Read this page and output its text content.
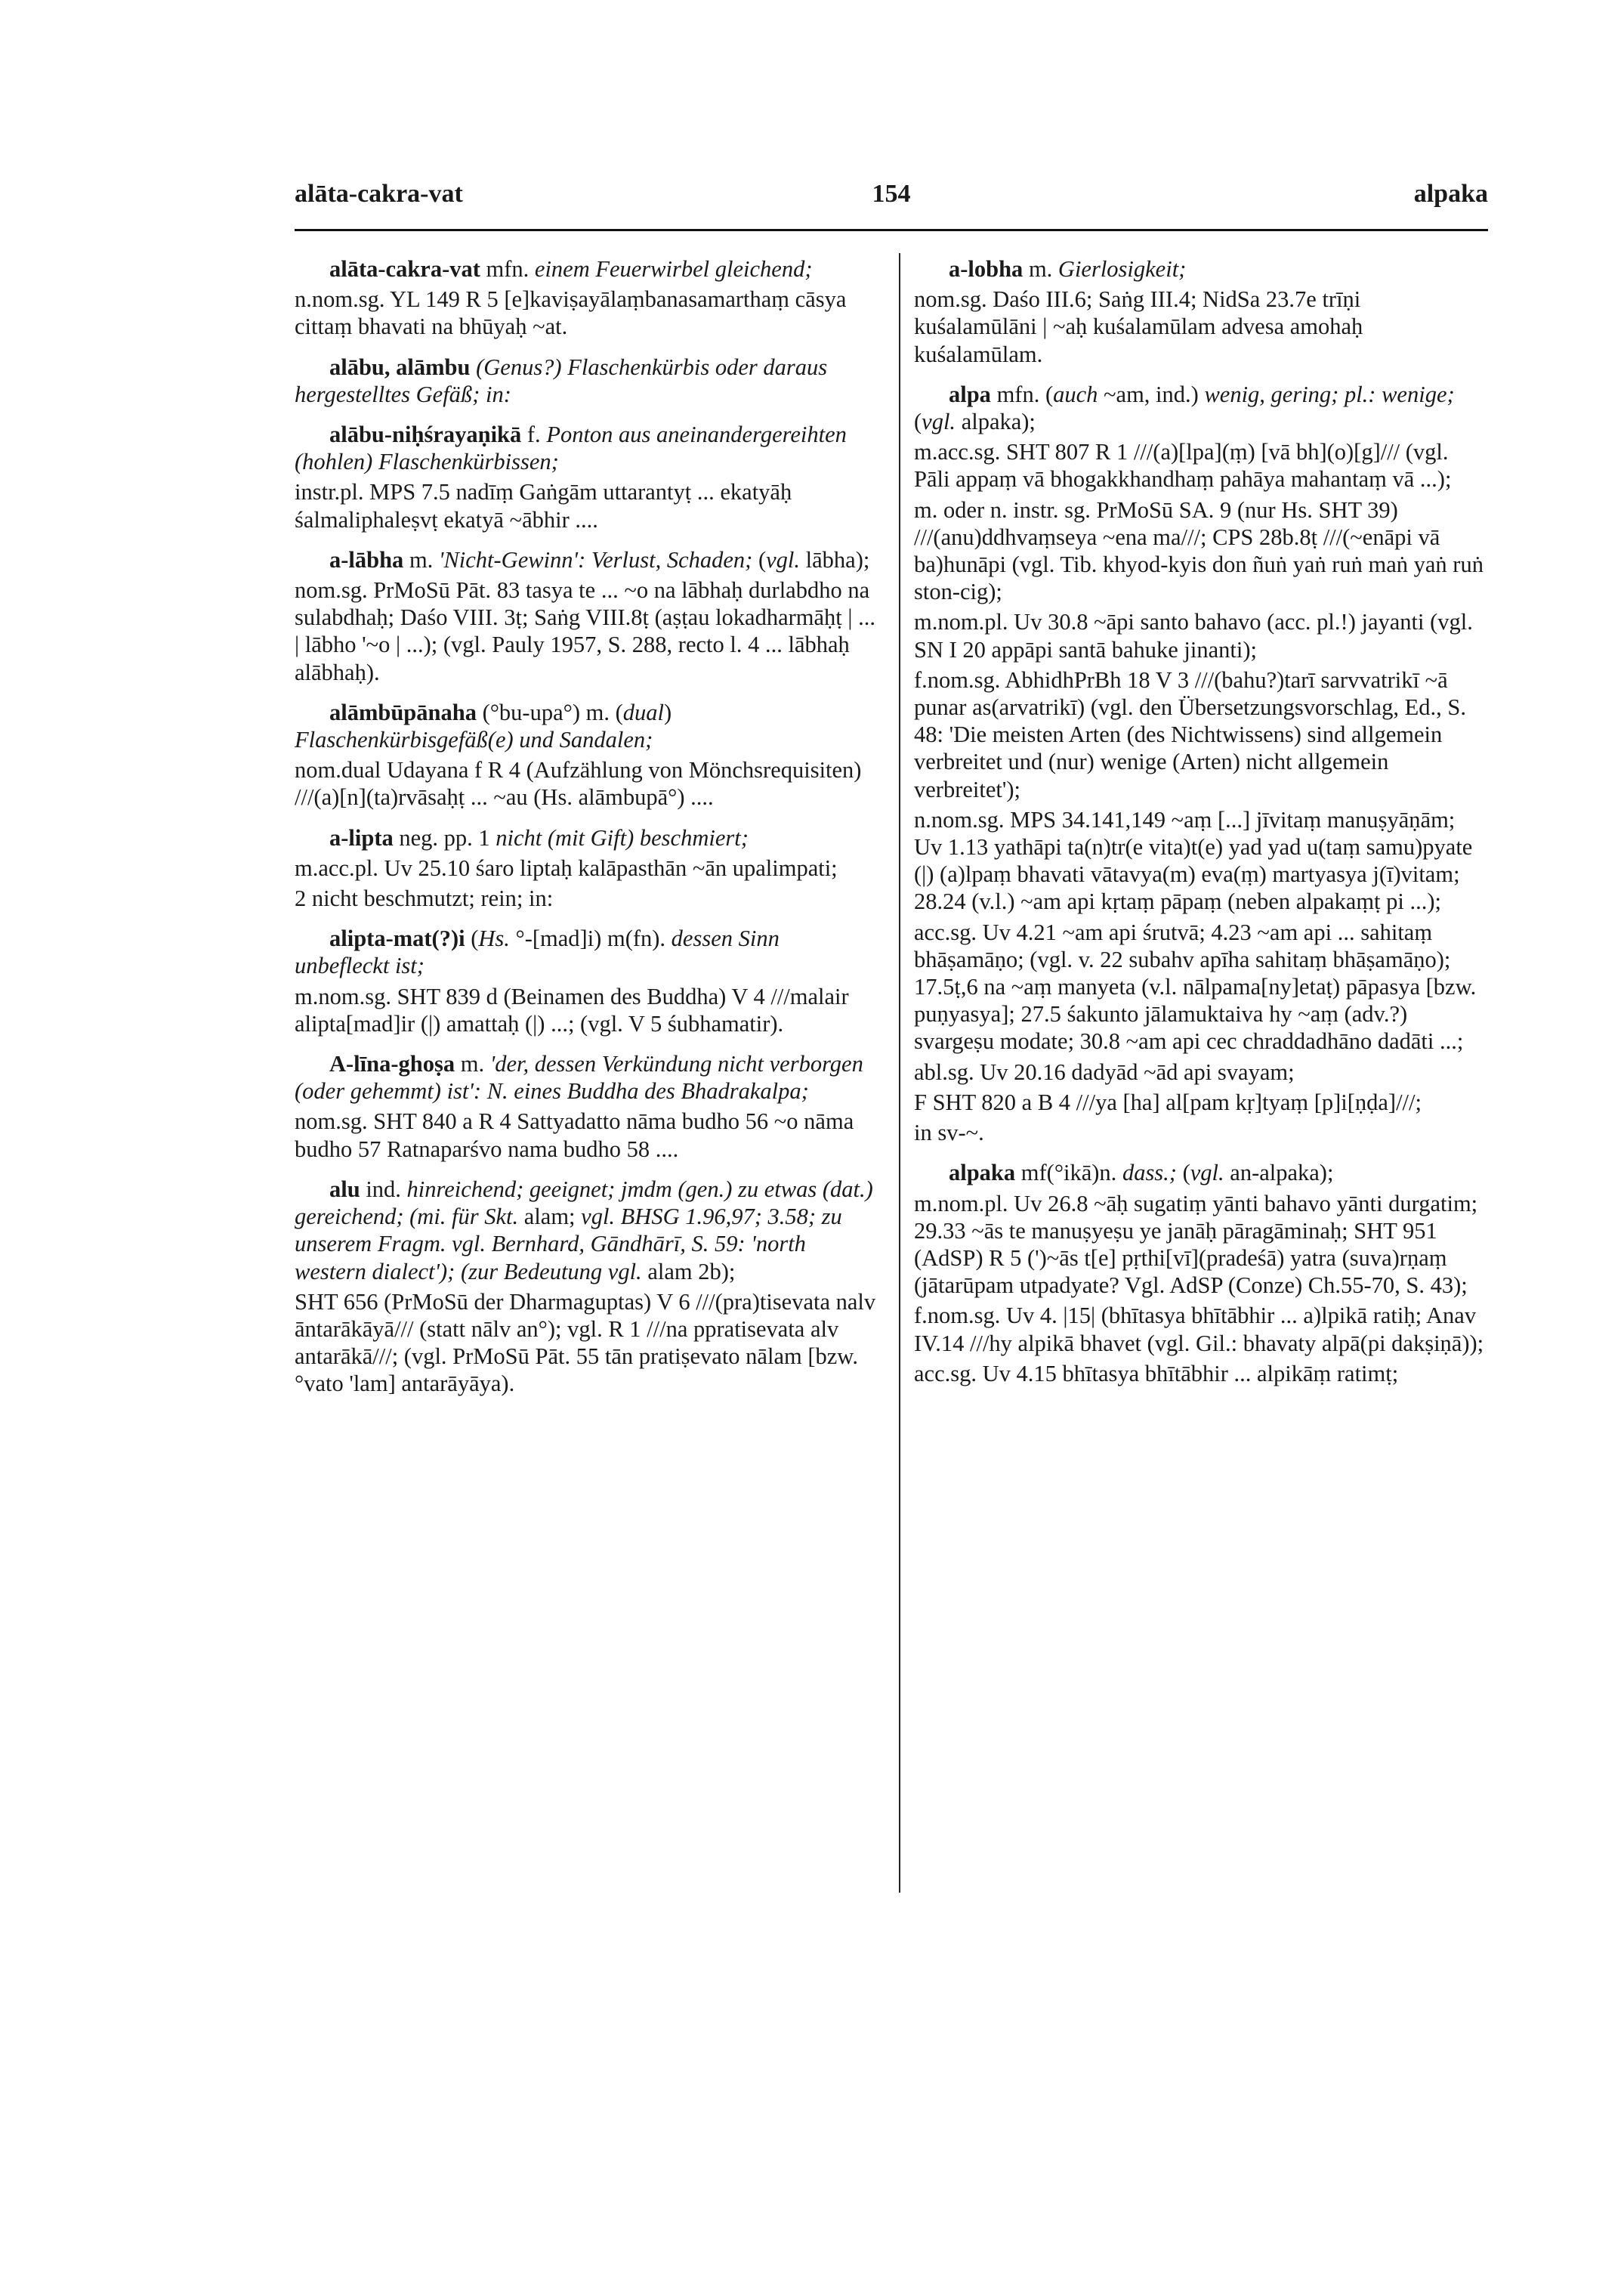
alāta-cakra-vat	154	alpaka

alāta-cakra-vat mfn. einem Feuerwirbel gleichend;

n.nom.sg. YL 149 R 5 [e]kaviṣayālaṃbanasamarthaṃ cāsya cittaṃ bhavati na bhūyaḥ ~at.

alābu, alāmbu (Genus?) Flaschenkürbis oder daraus hergestelltes Gefäß; in:

alābu-niḥśrayaṇikā f. Ponton aus aneinandergereihten (hohlen) Flaschenkürbissen;

instr.pl. MPS 7.5 nadīṃ Gaṅgām uttarantyṭ ... ekatyāḥ śalmaliphaleṣvṭ ekatyā ~ābhir ....

a-lābha m. 'Nicht-Gewinn': Verlust, Schaden; (vgl. lābha);

nom.sg. PrMoSū Pāt. 83 tasya te ... ~o na lābhaḥ durlabdho na sulabdhaḥ; Daśo VIII. 3ṭ; Saṅg VIII.8ṭ (aṣṭau lokadharmāḥṭ | ... | lābho '~o | ...); (vgl. Pauly 1957, S. 288, recto l. 4 ... lābhaḥ alābhaḥ).

alāmbūpānaha (°bu-upa°) m. (dual) Flaschenkürbisgefäß(e) und Sandalen;

nom.dual Udayana f R 4 (Aufzählung von Mönchsrequisiten) ///(a)[n](ta)rvāsaḥṭ ... ~au (Hs. alāmbupā°) ....

a-lipta neg. pp. 1 nicht (mit Gift) beschmiert;

m.acc.pl. Uv 25.10 śaro liptaḥ kalāpasthān ~ān upalimpati;

2 nicht beschmutzt; rein; in:

alipta-mat(?)i (Hs. °-[mad]i) m(fn). dessen Sinn unbefleckt ist;

m.nom.sg. SHT 839 d (Beinamen des Buddha) V 4 ///malair alipta[mad]ir (|) amattaḥ (|) ...; (vgl. V 5 śubhamatir).

A-līna-ghoṣa m. 'der, dessen Verkündung nicht verborgen (oder gehemmt) ist': N. eines Buddha des Bhadrakalpa;

nom.sg. SHT 840 a R 4 Sattyadatto nāma budho 56 ~o nāma budho 57 Ratnaparśvo nama budho 58 ....

alu ind. hinreichend; geeignet; jmdm (gen.) zu etwas (dat.) gereichend; (mi. für Skt. alam; vgl. BHSG 1.96,97; 3.58; zu unserem Fragm. vgl. Bernhard, Gāndhārī, S. 59: 'north western dialect'); (zur Bedeutung vgl. alam 2b);

SHT 656 (PrMoSū der Dharmaguptas) V 6 ///(pra)tisevata nalv āntarākāyā/// (statt nālv an°); vgl. R 1 ///na ppratisevata alv antarākā///; (vgl. PrMoSū Pāt. 55 tān pratiṣevato nālam [bzw. °vato 'lam] antarāyāya).

a-lobha m. Gierlosigkeit;

nom.sg. Daśo III.6; Saṅg III.4; NidSa 23.7e trīṇi kuśalamūlāni | ~aḥ kuśalamūlam advesa amohaḥ kuśalamūlam.

alpa mfn. (auch ~am, ind.) wenig, gering; pl.: wenige; (vgl. alpaka);

m.acc.sg. SHT 807 R 1 ///(a)[lpa](ṃ) [vā bh](o)[g]/// (vgl. Pāli appaṃ vā bhogakkhandhaṃ pahāya mahantaṃ vā ...);

m. oder n. instr. sg. PrMoSū SA. 9 (nur Hs. SHT 39) ///(anu)ddhvaṃseya ~ena ma///; CPS 28b.8ṭ ///(~enāpi vā ba)hunāpi (vgl. Tib. khyod-kyis don ñuṅ yaṅ ruṅ maṅ yaṅ ruṅ ston-cig);

m.nom.pl. Uv 30.8 ~āpi santo bahavo (acc. pl.!) jayanti (vgl. SN I 20 appāpi santā bahuke jinanti);

f.nom.sg. AbhidhPrBh 18 V 3 ///(bahu?)tarī sarvvatrikī ~ā punar as(arvatrikī) (vgl. den Übersetzungsvorschlag, Ed., S. 48: 'Die meisten Arten (des Nichtwissens) sind allgemein verbreitet und (nur) wenige (Arten) nicht allgemein verbreitet');

n.nom.sg. MPS 34.141,149 ~aṃ [...] jīvitaṃ manuṣyāṇām; Uv 1.13 yathāpi ta(n)tr(e vita)t(e) yad yad u(taṃ samu)pyate (|) (a)lpaṃ bhavati vātavya(m) eva(ṃ) martyasya j(ī)vitam; 28.24 (v.l.) ~am api kṛtaṃ pāpaṃ (neben alpakaṃṭ pi ...);

acc.sg. Uv 4.21 ~am api śrutvā; 4.23 ~am api ... sahitaṃ bhāṣamāṇo; (vgl. v. 22 subahv apīha sahitaṃ bhāṣamāṇo); 17.5ṭ,6 na ~aṃ manyeta (v.l. nālpama[ny]etaṭ) pāpasya [bzw. puṇyasya]; 27.5 śakunto jālamuktaiva hy ~aṃ (adv.?) svargeṣu modate; 30.8 ~am api cec chraddadhāno dadāti ...;

abl.sg. Uv 20.16 dadyād ~ād api svayam;

F SHT 820 a B 4 ///ya [ha] al[pam kṛ]tyaṃ [p]i[ṇḍa]///;

in sv-~.

alpaka mf(°ikā)n. dass.; (vgl. an-alpaka);

m.nom.pl. Uv 26.8 ~āḥ sugatiṃ yānti bahavo yānti durgatim; 29.33 ~ās te manuṣyeṣu ye janāḥ pāragāminaḥ; SHT 951 (AdSP) R 5 (')~ās t[e] pṛthi[vī](pradeśā) yatra (suva)rṇaṃ (jātarūpam utpadyate? Vgl. AdSP (Conze) Ch.55-70, S. 43);

f.nom.sg. Uv 4. |15| (bhītasya bhītābhir ... a)lpikā ratiḥ; Anav IV.14 ///hy alpikā bhavet (vgl. Gil.: bhavaty alpā(pi dakṣiṇā));

acc.sg. Uv 4.15 bhītasya bhītābhir ... alpikāṃ ratimṭ;
